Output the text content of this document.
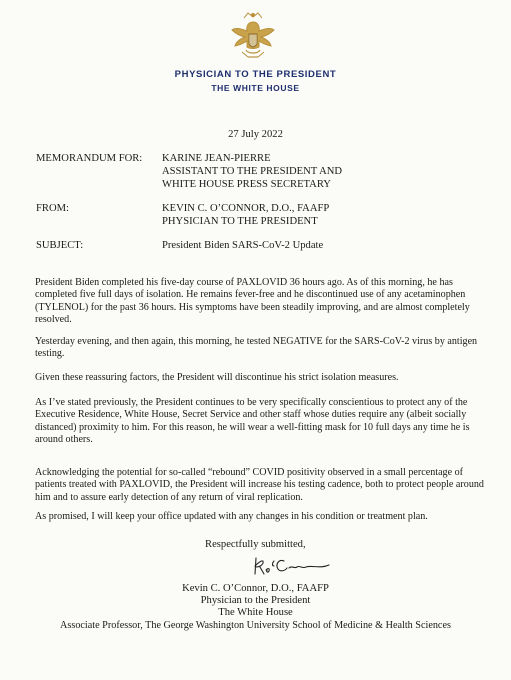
PHYSICIAN TO THE PRESIDENT
THE WHITE HOUSE
27 July 2022
MEMORANDUM FOR: KARINE JEAN-PIERRE
ASSISTANT TO THE PRESIDENT AND
WHITE HOUSE PRESS SECRETARY
FROM:	KEVIN C. O’CONNOR, D.O., FAAFP
PHYSICIAN TO THE PRESIDENT
SUBJECT:	President Biden SARS-CoV-2 Update

President Biden completed his five-day course of PAXLOVID 36 hours ago. As of this morning, he has completed five full days of isolation. He remains fever-free and he discontinued use of any acetaminophen (TYLENOL) for the past 36 hours. His symptoms have been steadily improving, and are almost completely resolved.

Yesterday evening, and then again, this morning, he tested NEGATIVE for the SARS-CoV-2 virus by antigen testing.

Given these reassuring factors, the President will discontinue his strict isolation measures.

As I’ve stated previously, the President continues to be very specifically conscientious to protect any of the Executive Residence, White House, Secret Service and other staff whose duties require any (albeit socially distanced) proximity to him. For this reason, he will wear a well-fitting mask for 10 full days any time he is around others.

Acknowledging the potential for so-called “rebound” COVID positivity observed in a small percentage of patients treated with PAXLOVID, the President will increase his testing cadence, both to protect people around him and to assure early detection of any return of viral replication.

As promised, I will keep your office updated with any changes in his condition or treatment plan.

Respectfully submitted,
Kevin C. O’Connor, D.O., FAAFP
Physician to the President
The White House
Associate Professor, The George Washington University School of Medicine & Health Sciences
